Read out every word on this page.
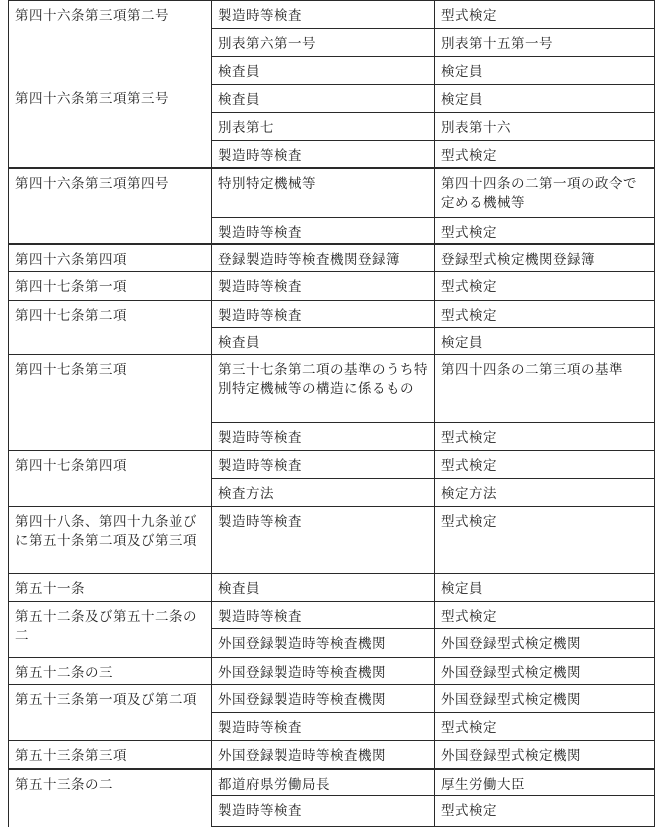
第四十六条第三項第二号	製造時等検査	型式検定

	別表第六第一号	別表第十五第一号

	検査員	検定員

第四十六条第三項第三号	検査員	検定員

	別表第七	別表第十六

	製造時等検査	型式検定

第四十六条第三項第四号	特別特定機械等	第四十四条の二第一項の政令で定める機械等

	製造時等検査	型式検定

第四十六条第四項	登録製造時等検査機関登録簿	登録型式検定機関登録簿

第四十七条第一項	製造時等検査	型式検定

第四十七条第二項	製造時等検査	型式検定

	検査員	検定員

第四十七条第三項	第三十七条第二項の基準のうち特別特定機械等の構造に係るもの	第四十四条の二第三項の基準

	製造時等検査	型式検定

第四十七条第四項	製造時等検査	型式検定

	検査方法	検定方法

第四十八条、第四十九条並びに第五十条第二項及び第三項	製造時等検査	型式検定

第五十一条	検査員	検定員

第五十二条及び第五十二条の二	製造時等検査	型式検定

	外国登録製造時等検査機関	外国登録型式検定機関

第五十二条の三	外国登録製造時等検査機関	外国登録型式検定機関

第五十三条第一項及び第二項	外国登録製造時等検査機関	外国登録型式検定機関

	製造時等検査	型式検定

第五十三条第三項	外国登録製造時等検査機関	外国登録型式検定機関

第五十三条の二	都道府県労働局長	厚生労働大臣

	製造時等検査	型式検定
